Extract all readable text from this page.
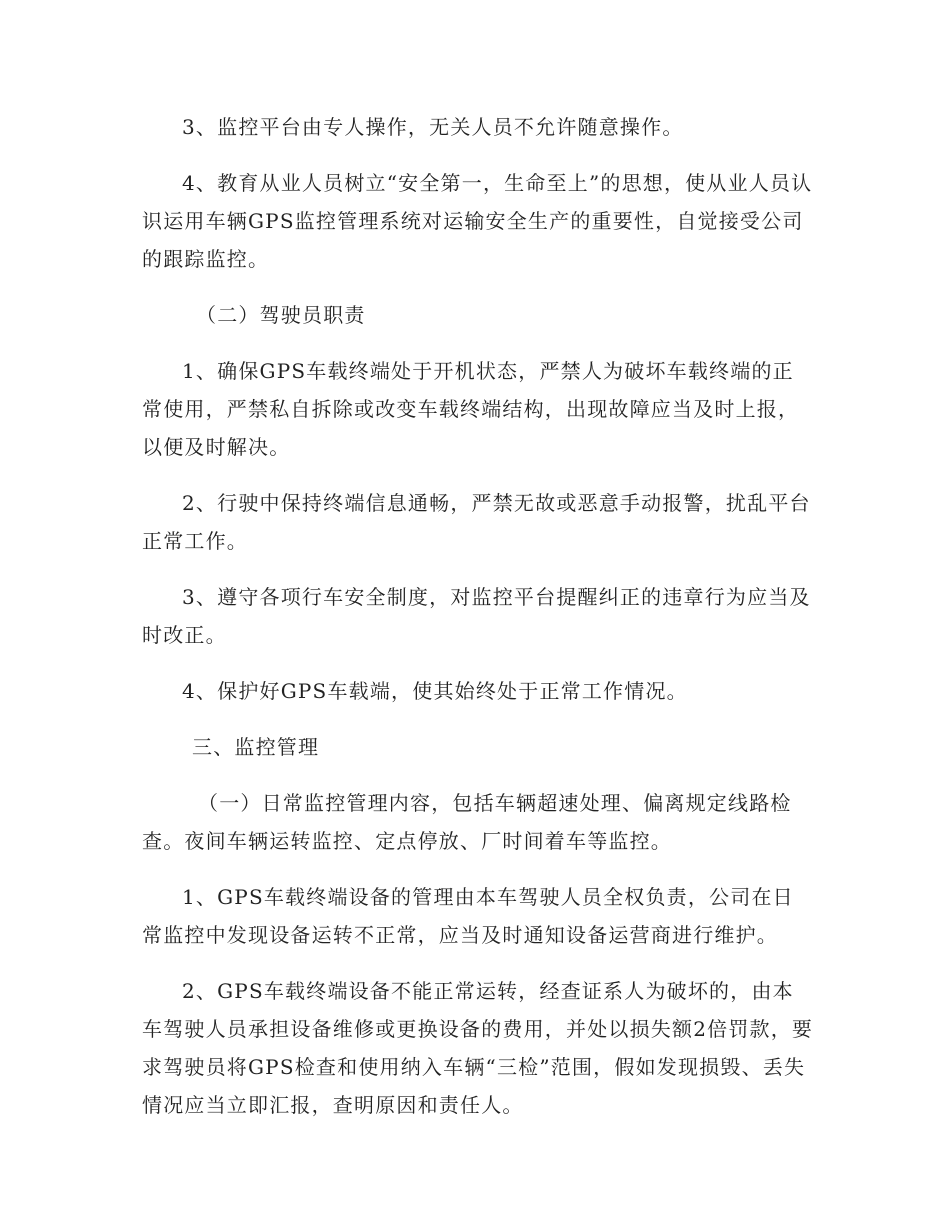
3、监控平台由专人操作，无关人员不允许随意操作。

4、教育从业人员树立“安全第一，生命至上”的思想，使从业人员认识运用车辆GPS监控管理系统对运输安全生产的重要性，自觉接受公司的跟踪监控。

（二）驾驶员职责

1、确保GPS车载终端处于开机状态，严禁人为破坏车载终端的正常使用，严禁私自拆除或改变车载终端结构，出现故障应当及时上报，以便及时解决。

2、行驶中保持终端信息通畅，严禁无故或恶意手动报警，扰乱平台正常工作。

3、遵守各项行车安全制度，对监控平台提醒纠正的违章行为应当及时改正。

4、保护好GPS车载端，使其始终处于正常工作情况。

三、监控管理

（一）日常监控管理内容，包括车辆超速处理、偏离规定线路检查。夜间车辆运转监控、定点停放、厂时间着车等监控。

1、GPS车载终端设备的管理由本车驾驶人员全权负责，公司在日常监控中发现设备运转不正常，应当及时通知设备运营商进行维护。

2、GPS车载终端设备不能正常运转，经查证系人为破坏的，由本车驾驶人员承担设备维修或更换设备的费用，并处以损失额2倍罚款，要求驾驶员将GPS检查和使用纳入车辆“三检”范围，假如发现损毁、丢失情况应当立即汇报，查明原因和责任人。
